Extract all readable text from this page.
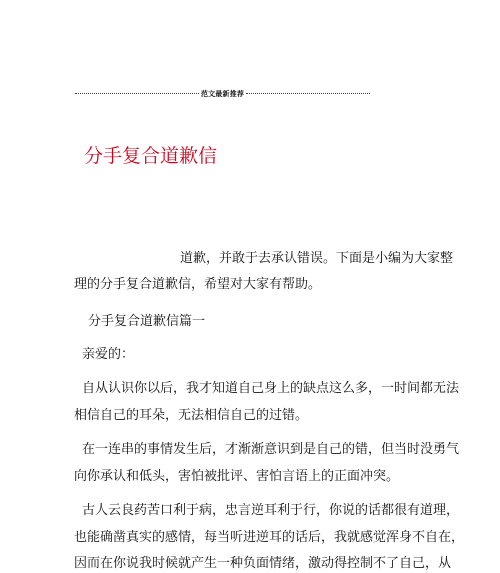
范文最新推荐
分手复合道歉信
道歉，并敢于去承认错误。下面是小编为大家整
理的分手复合道歉信，希望对大家有帮助。
分手复合道歉信篇一
亲爱的：
自从认识你以后，我才知道自己身上的缺点这么多，一时间都无法
相信自己的耳朵，无法相信自己的过错。
在一连串的事情发生后，才渐渐意识到是自己的错，但当时没勇气
向你承认和低头，害怕被批评、害怕言语上的正面冲突。
古人云良药苦口利于病，忠言逆耳利于行，你说的话都很有道理，
也能确凿真实的感情，每当听进逆耳的话后，我就感觉浑身不自在，
因而在你说我时候就产生一种负面情绪，激动得控制不了自己，从
